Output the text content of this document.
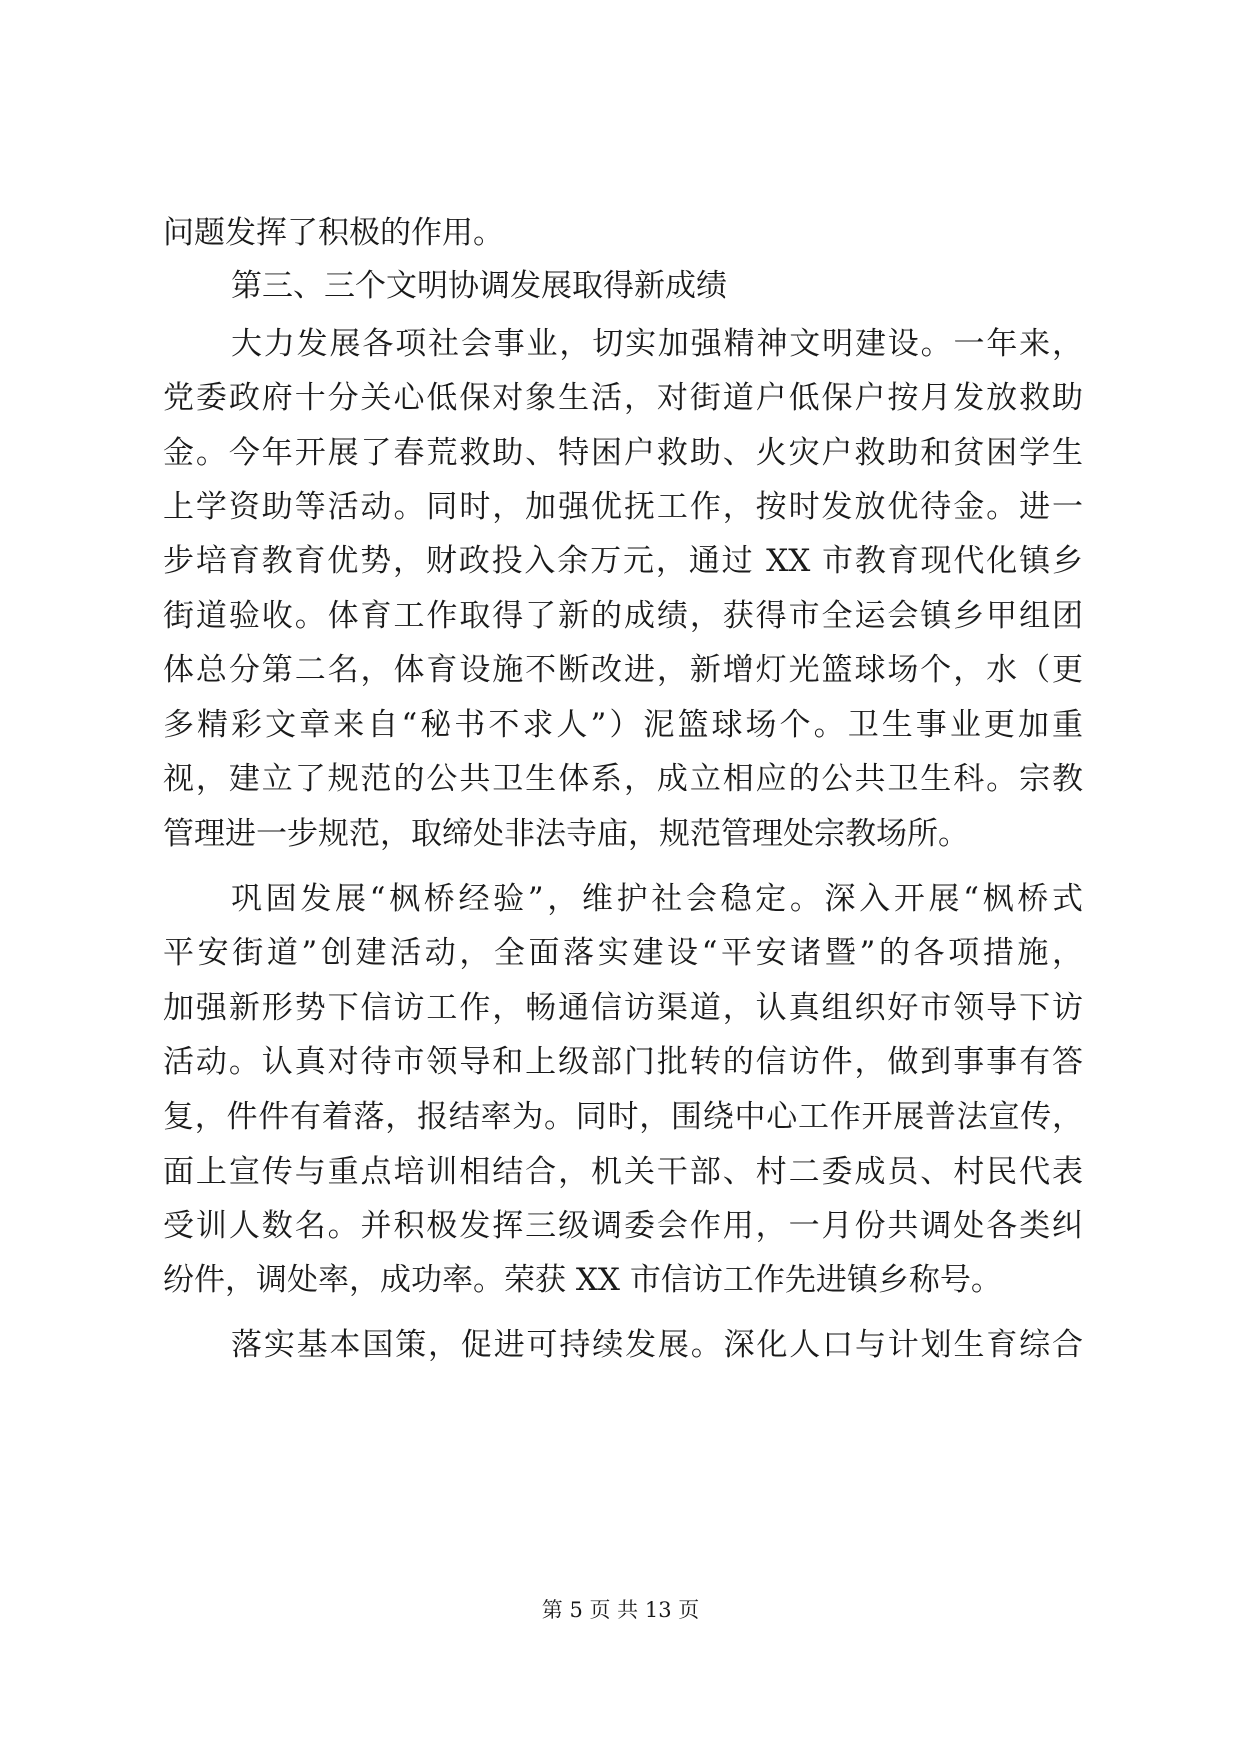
问题发挥了积极的作用。
第三、三个文明协调发展取得新成绩
大力发展各项社会事业，切实加强精神文明建设。一年来，
党委政府十分关心低保对象生活，对街道户低保户按月发放救助
金。今年开展了春荒救助、特困户救助、火灾户救助和贫困学生
上学资助等活动。同时，加强优抚工作，按时发放优待金。进一
步培育教育优势，财政投入余万元，通过 XX 市教育现代化镇乡
街道验收。体育工作取得了新的成绩，获得市全运会镇乡甲组团
体总分第二名，体育设施不断改进，新增灯光篮球场个，水（更
多精彩文章来自“秘书不求人”）泥篮球场个。卫生事业更加重
视，建立了规范的公共卫生体系，成立相应的公共卫生科。宗教
管理进一步规范，取缔处非法寺庙，规范管理处宗教场所。
巩固发展“枫桥经验”，维护社会稳定。深入开展“枫桥式
平安街道”创建活动，全面落实建设“平安诸暨”的各项措施，
加强新形势下信访工作，畅通信访渠道，认真组织好市领导下访
活动。认真对待市领导和上级部门批转的信访件，做到事事有答
复，件件有着落，报结率为。同时，围绕中心工作开展普法宣传，
面上宣传与重点培训相结合，机关干部、村二委成员、村民代表
受训人数名。并积极发挥三级调委会作用，一月份共调处各类纠
纷件，调处率，成功率。荣获 XX 市信访工作先进镇乡称号。
落实基本国策，促进可持续发展。深化人口与计划生育综合
第 5 页 共 13 页
